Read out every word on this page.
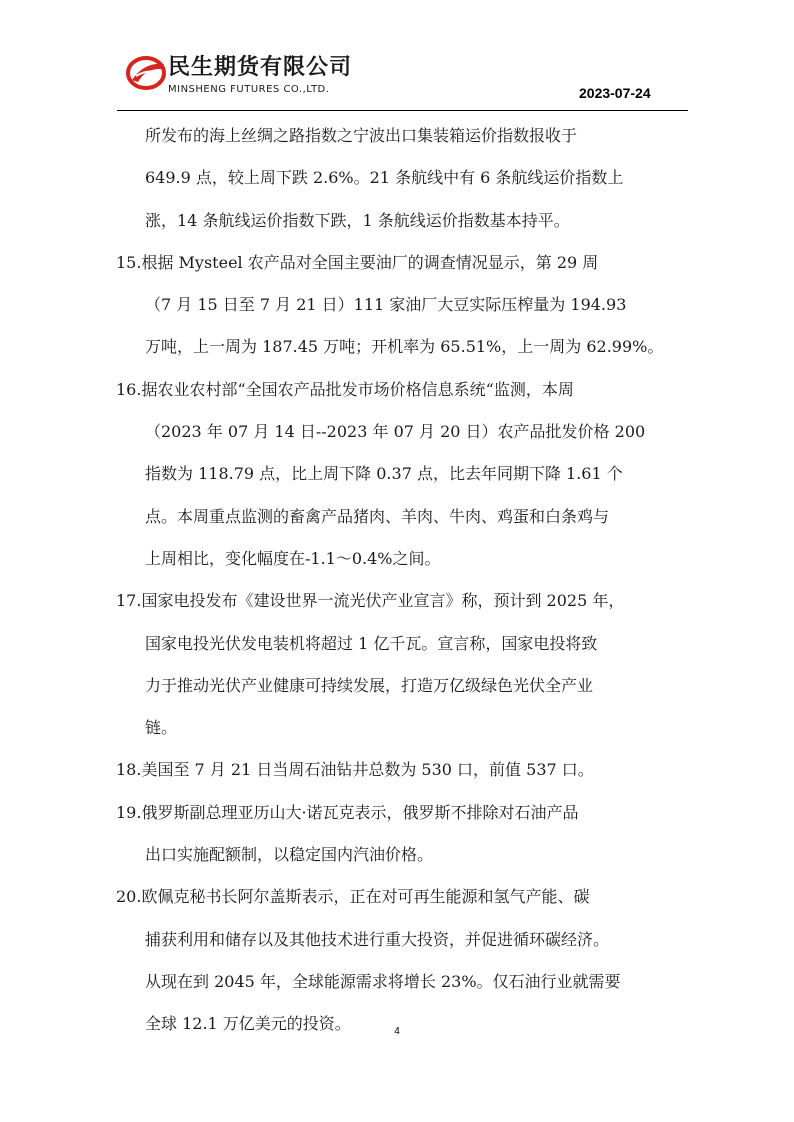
民生期货有限公司
MINSHENG FUTURES CO.,LTD.	2023-07-24
所发布的海上丝绸之路指数之宁波出口集装箱运价指数报收于
649.9 点，较上周下跌 2.6%。21 条航线中有 6 条航线运价指数上
涨，14 条航线运价指数下跌，1 条航线运价指数基本持平。
15.根据 Mysteel 农产品对全国主要油厂的调查情况显示，第 29 周
（7 月 15 日至 7 月 21 日）111 家油厂大豆实际压榨量为 194.93
万吨，上一周为 187.45 万吨；开机率为 65.51%，上一周为 62.99%。
16.据农业农村部“全国农产品批发市场价格信息系统“监测，本周
（2023 年 07 月 14 日--2023 年 07 月 20 日）农产品批发价格 200
指数为 118.79 点，比上周下降 0.37 点，比去年同期下降 1.61 个
点。本周重点监测的畜禽产品猪肉、羊肉、牛肉、鸡蛋和白条鸡与
上周相比，变化幅度在-1.1～0.4%之间。
17.国家电投发布《建设世界一流光伏产业宣言》称，预计到 2025 年，
国家电投光伏发电装机将超过 1 亿千瓦。宣言称，国家电投将致
力于推动光伏产业健康可持续发展，打造万亿级绿色光伏全产业
链。
18.美国至 7 月 21 日当周石油钻井总数为 530 口，前值 537 口。
19.俄罗斯副总理亚历山大·诺瓦克表示，俄罗斯不排除对石油产品
出口实施配额制，以稳定国内汽油价格。
20.欧佩克秘书长阿尔盖斯表示，正在对可再生能源和氢气产能、碳
捕获利用和储存以及其他技术进行重大投资，并促进循环碳经济。
从现在到 2045 年，全球能源需求将增长 23%。仅石油行业就需要
全球 12.1 万亿美元的投资。	4
